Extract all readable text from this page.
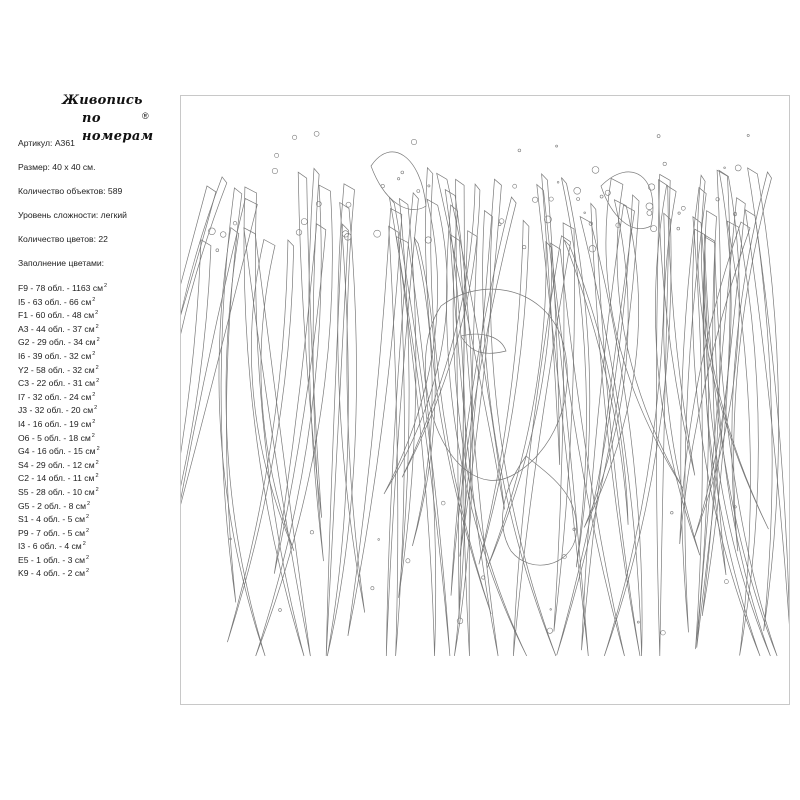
Живопись
по номерам
®
Артикул: A361
Размер: 40 x 40 см.
Количество объектов: 589
Уровень сложности: легкий
Количество цветов: 22
Заполнение цветами:
F9 - 78 обл. - 1163 $см^2$
I5 - 63 обл. - 66 $см^2$
F1 - 60 обл. - 48 $см^2$
A3 - 44 обл. - 37 $см^2$
G2 - 29 обл. - 34 $см^2$
I6 - 39 обл. - 32 $см^2$
Y2 - 58 обл. - 32 $см^2$
C3 - 22 обл. - 31 $см^2$
I7 - 32 обл. - 24 $см^2$
J3 - 32 обл. - 20 $см^2$
I4 - 16 обл. - 19 $см^2$
O6 - 5 обл. - 18 $см^2$
G4 - 16 обл. - 15 $см^2$
S4 - 29 обл. - 12 $см^2$
C2 - 14 обл. - 11 $см^2$
S5 - 28 обл. - 10 $см^2$
G5 - 2 обл. - 8 $см^2$
S1 - 4 обл. - 5 $см^2$
P9 - 7 обл. - 5 $см^2$
I3 - 6 обл. - 4 $см^2$
E5 - 1 обл. - 3 $см^2$
K9 - 4 обл. - 2 $см^2$
